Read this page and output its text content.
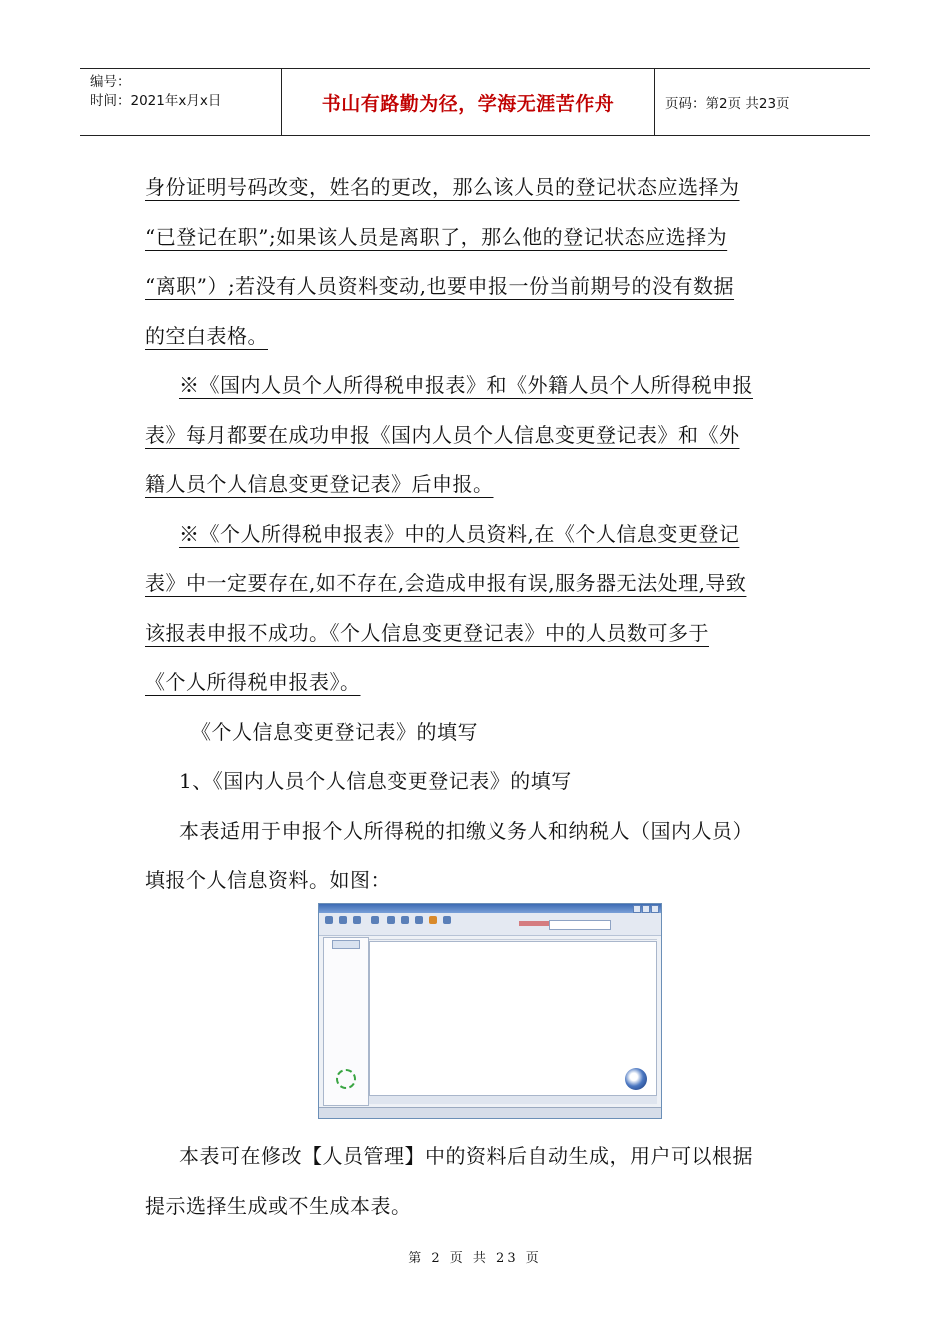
编号：
时间：2021年x月x日	书山有路勤为径，学海无涯苦作舟	页码：第2页 共23页
身份证明号码改变，姓名的更改，那么该人员的登记状态应选择为
“已登记在职”;如果该人员是离职了，那么他的登记状态应选择为
“离职”）;若没有人员资料变动,也要申报一份当前期号的没有数据
的空白表格。
※《国内人员个人所得税申报表》和《外籍人员个人所得税申报
表》每月都要在成功申报《国内人员个人信息变更登记表》和《外
籍人员个人信息变更登记表》后申报。
※《个人所得税申报表》中的人员资料,在《个人信息变更登记
表》中一定要存在,如不存在,会造成申报有误,服务器无法处理,导致
该报表申报不成功。《个人信息变更登记表》中的人员数可多于
《个人所得税申报表》。
《个人信息变更登记表》的填写
1、《国内人员个人信息变更登记表》的填写
本表适用于申报个人所得税的扣缴义务人和纳税人（国内人员）
填报个人信息资料。如图：
本表可在修改【人员管理】中的资料后自动生成，用户可以根据
提示选择生成或不生成本表。
第 2 页 共 23 页
